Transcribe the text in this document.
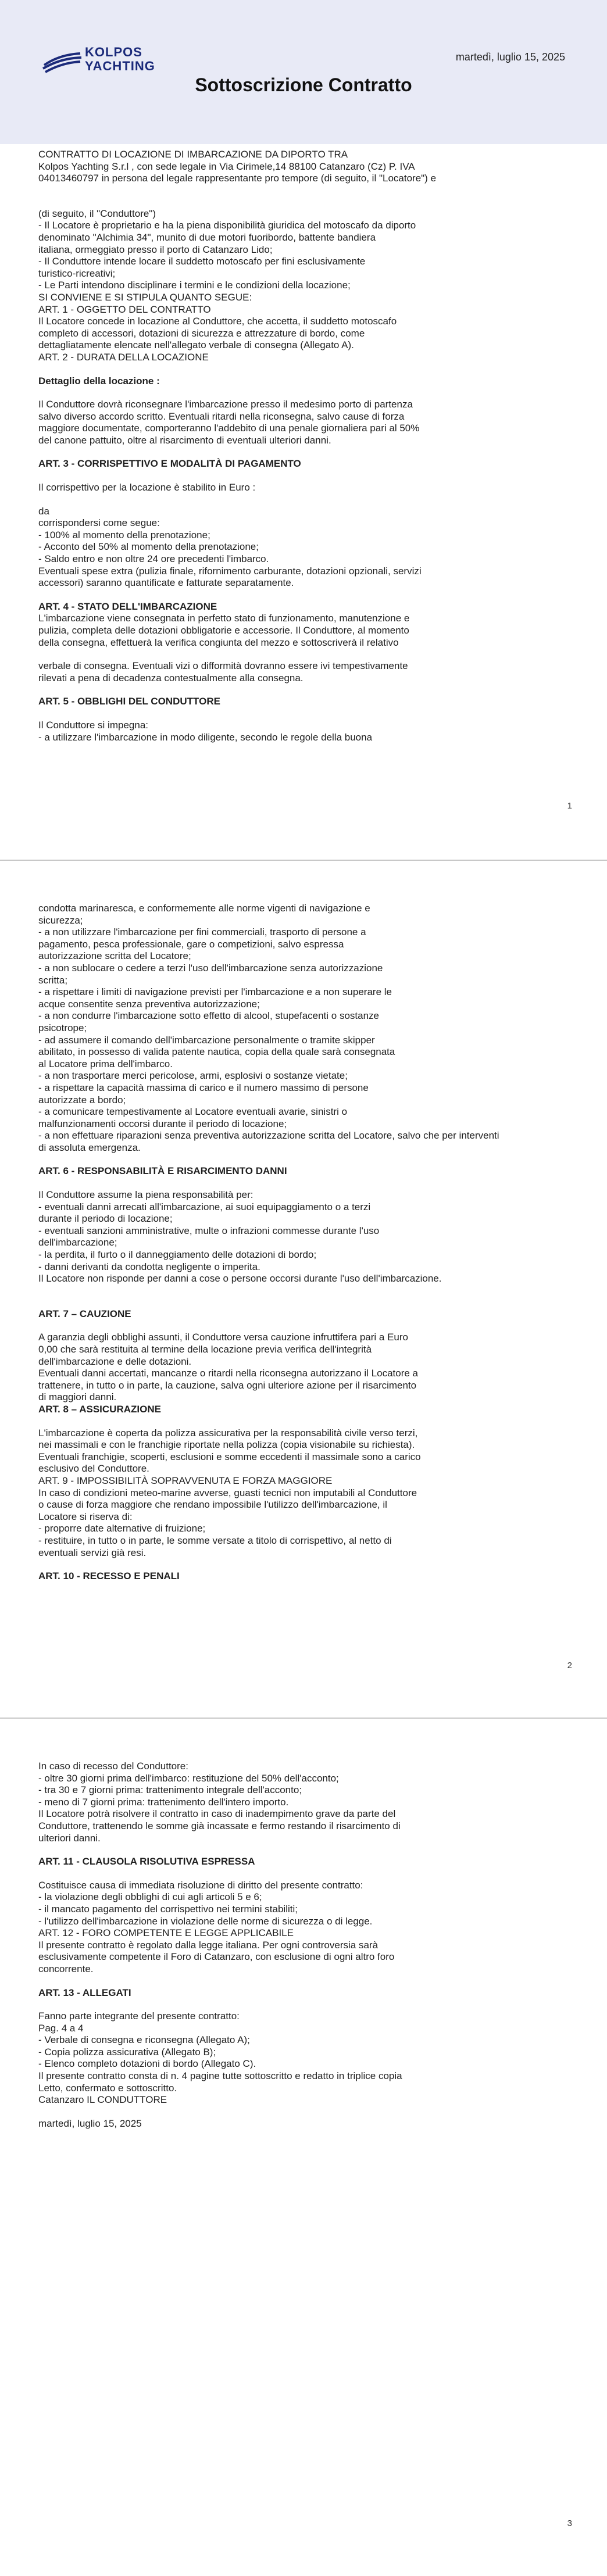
KOLPOS
YACHTING
martedì, luglio 15, 2025
Sottoscrizione Contratto

CONTRATTO DI LOCAZIONE DI IMBARCAZIONE DA DIPORTO TRA
Kolpos Yachting S.r.l , con sede legale in Via Cirimele,14 88100 Catanzaro (Cz) P. IVA
04013460797 in persona del legale rappresentante pro tempore (di seguito, il "Locatore") e

(di seguito, il "Conduttore")
- Il Locatore è proprietario e ha la piena disponibilità giuridica del motoscafo da diporto
denominato "Alchimia 34", munito di due motori fuoribordo, battente bandiera
italiana, ormeggiato presso il porto di Catanzaro Lido;
- Il Conduttore intende locare il suddetto motoscafo per fini esclusivamente
turistico-ricreativi;
- Le Parti intendono disciplinare i termini e le condizioni della locazione;
SI CONVIENE E SI STIPULA QUANTO SEGUE:
ART. 1 - OGGETTO DEL CONTRATTO
Il Locatore concede in locazione al Conduttore, che accetta, il suddetto motoscafo
completo di accessori, dotazioni di sicurezza e attrezzature di bordo, come
dettagliatamente elencate nell'allegato verbale di consegna (Allegato A).
ART. 2 - DURATA DELLA LOCAZIONE

Dettaglio della locazione :

Il Conduttore dovrà riconsegnare l'imbarcazione presso il medesimo porto di partenza
salvo diverso accordo scritto. Eventuali ritardi nella riconsegna, salvo cause di forza
maggiore documentate, comporteranno l'addebito di una penale giornaliera pari al 50%
del canone pattuito, oltre al risarcimento di eventuali ulteriori danni.

ART. 3 - CORRISPETTIVO E MODALITÀ DI PAGAMENTO

Il corrispettivo per la locazione è stabilito in Euro :

da
corrispondersi come segue:
- 100% al momento della prenotazione;
- Acconto del 50% al momento della prenotazione;
- Saldo entro e non oltre 24 ore precedenti l'imbarco.
Eventuali spese extra (pulizia finale, rifornimento carburante, dotazioni opzionali, servizi
accessori) saranno quantificate e fatturate separatamente.

ART. 4 - STATO DELL'IMBARCAZIONE

L'imbarcazione viene consegnata in perfetto stato di funzionamento, manutenzione e
pulizia, completa delle dotazioni obbligatorie e accessorie. Il Conduttore, al momento
della consegna, effettuerà la verifica congiunta del mezzo e sottoscriverà il relativo

verbale di consegna. Eventuali vizi o difformità dovranno essere ivi tempestivamente
rilevati a pena di decadenza contestualmente alla consegna.

ART. 5 - OBBLIGHI DEL CONDUTTORE

Il Conduttore si impegna:
- a utilizzare l'imbarcazione in modo diligente, secondo le regole della buona

1

condotta marinaresca, e conformemente alle norme vigenti di navigazione e
sicurezza;
- a non utilizzare l'imbarcazione per fini commerciali, trasporto di persone a
pagamento, pesca professionale, gare o competizioni, salvo espressa
autorizzazione scritta del Locatore;
- a non sublocare o cedere a terzi l'uso dell'imbarcazione senza autorizzazione
scritta;
- a rispettare i limiti di navigazione previsti per l'imbarcazione e a non superare le
acque consentite senza preventiva autorizzazione;
- a non condurre l'imbarcazione sotto effetto di alcool, stupefacenti o sostanze
psicotrope;
- ad assumere il comando dell'imbarcazione personalmente o tramite skipper
abilitato, in possesso di valida patente nautica, copia della quale sarà consegnata
al Locatore prima dell'imbarco.
- a non trasportare merci pericolose, armi, esplosivi o sostanze vietate;
- a rispettare la capacità massima di carico e il numero massimo di persone
autorizzate a bordo;
- a comunicare tempestivamente al Locatore eventuali avarie, sinistri o
malfunzionamenti occorsi durante il periodo di locazione;
- a non effettuare riparazioni senza preventiva autorizzazione scritta del Locatore, salvo che per interventi
di assoluta emergenza.

ART. 6 - RESPONSABILITÀ E RISARCIMENTO DANNI

Il Conduttore assume la piena responsabilità per:
- eventuali danni arrecati all'imbarcazione, ai suoi equipaggiamento o a terzi
durante il periodo di locazione;
- eventuali sanzioni amministrative, multe o infrazioni commesse durante l'uso
dell'imbarcazione;
- la perdita, il furto o il danneggiamento delle dotazioni di bordo;
- danni derivanti da condotta negligente o imperita.
Il Locatore non risponde per danni a cose o persone occorsi durante l'uso dell'imbarcazione.

ART. 7 – CAUZIONE

A garanzia degli obblighi assunti, il Conduttore versa cauzione infruttifera pari a Euro
0,00 che sarà restituita al termine della locazione previa verifica dell'integrità
dell'imbarcazione e delle dotazioni.
Eventuali danni accertati, mancanze o ritardi nella riconsegna autorizzano il Locatore a
trattenere, in tutto o in parte, la cauzione, salva ogni ulteriore azione per il risarcimento
di maggiori danni.

ART. 8 – ASSICURAZIONE

L'imbarcazione è coperta da polizza assicurativa per la responsabilità civile verso terzi,
nei massimali e con le franchigie riportate nella polizza (copia visionabile su richiesta).
Eventuali franchigie, scoperti, esclusioni e somme eccedenti il massimale sono a carico
esclusivo del Conduttore.
ART. 9 - IMPOSSIBILITÀ SOPRAVVENUTA E FORZA MAGGIORE
In caso di condizioni meteo-marine avverse, guasti tecnici non imputabili al Conduttore
o cause di forza maggiore che rendano impossibile l'utilizzo dell'imbarcazione, il
Locatore si riserva di:
- proporre date alternative di fruizione;
- restituire, in tutto o in parte, le somme versate a titolo di corrispettivo, al netto di
eventuali servizi già resi.

ART. 10 - RECESSO E PENALI

2

In caso di recesso del Conduttore:
- oltre 30 giorni prima dell'imbarco: restituzione del 50% dell'acconto;
- tra 30 e 7 giorni prima: trattenimento integrale dell'acconto;
- meno di 7 giorni prima: trattenimento dell'intero importo.
Il Locatore potrà risolvere il contratto in caso di inadempimento grave da parte del
Conduttore, trattenendo le somme già incassate e fermo restando il risarcimento di
ulteriori danni.

ART. 11 - CLAUSOLA RISOLUTIVA ESPRESSA

Costituisce causa di immediata risoluzione di diritto del presente contratto:
- la violazione degli obblighi di cui agli articoli 5 e 6;
- il mancato pagamento del corrispettivo nei termini stabiliti;
- l'utilizzo dell'imbarcazione in violazione delle norme di sicurezza o di legge.
ART. 12 - FORO COMPETENTE E LEGGE APPLICABILE
Il presente contratto è regolato dalla legge italiana. Per ogni controversia sarà
esclusivamente competente il Foro di Catanzaro, con esclusione di ogni altro foro
concorrente.

ART. 13 - ALLEGATI

Fanno parte integrante del presente contratto:
Pag. 4 a 4
- Verbale di consegna e riconsegna (Allegato A);
- Copia polizza assicurativa (Allegato B);
- Elenco completo dotazioni di bordo (Allegato C).
Il presente contratto consta di n. 4 pagine tutte sottoscritto e redatto in triplice copia
Letto, confermato e sottoscritto.
Catanzaro IL CONDUTTORE

martedì, luglio 15, 2025

3
